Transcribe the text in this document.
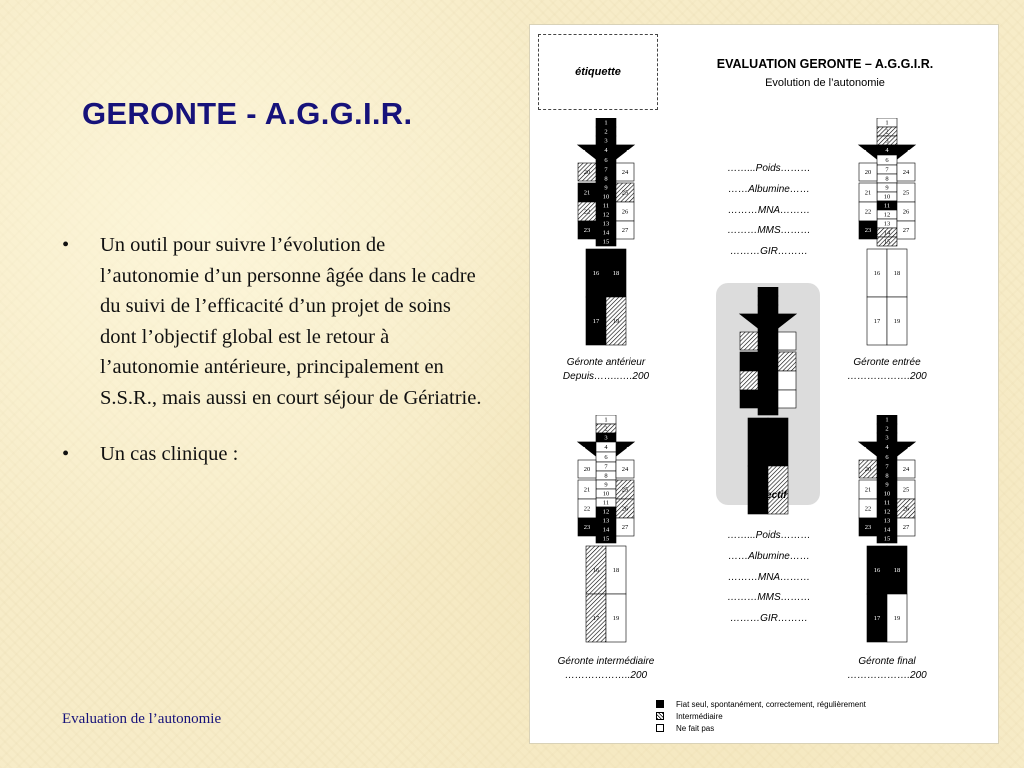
GERONTE - A.G.G.I.R.
• Un outil pour suivre l’évolution de l’autonomie d’un personne âgée dans le cadre du suivi de l’efficacité d’un projet de soins dont l’objectif global est le retour à l’autonomie antérieure, principalement en S.S.R., mais aussi en court séjour de Gériatrie.
• Un cas clinique :
Evaluation de l’autonomie
étiquette
EVALUATION GERONTE – A.G.G.I.R.
Evolution de l’autonomie
1
2
3
4
6
7
8
9
10
11
12
13
14
15
20
21
22
23
24
25
26
27
16 18
17 19
5	5
Géronte antérieur
Depuis……..….200
1
2
3
4
6
7
8
9
10
11
12
13
14
15
20
21
22
23
24
25
26
27
16 18
17 19
5	5
Géronte entrée
……………….200
……...Poids………
……Albumine……
………MNA………
………MMS………
………GIR………
Objectif
1
2
3
4
6
7
8
9
10
11
12
13
14
15
20
21
22
23
24
25
26
27
16 18
17 19
5	5
Géronte intermédiaire
………………..200
1
2
3
4
6
7
8
9
10
11
12
13
14
15
20
21
22
23
24
25
26
27
16 18
17 19
5	5
Géronte final
……………….200
……...Poids………
……Albumine……
………MNA………
………MMS………
………GIR………
Fiat seul, spontanément, correctement, régulièrement
Intermédiaire
Ne fait pas
